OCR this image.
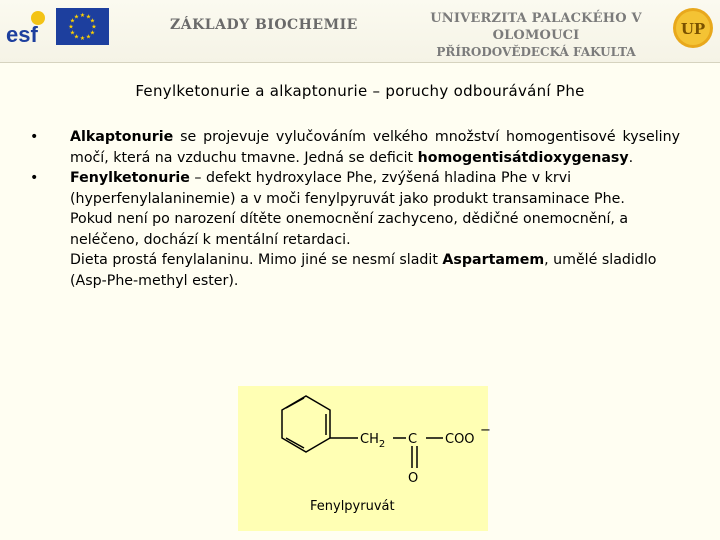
esf
★ ★
★
★
★
★
★
★
★
★
★
★	ZÁKLADY BIOCHEMIE	UNIVERZITA PALACKÉHO V OLOMOUCI
PŘÍRODOVĚDECKÁ FAKULTA
UP
Fenylketonurie a alkaptonurie – poruchy odbourávání Phe
• Alkaptonurie se projevuje vylučováním velkého množství homogentisové kyseliny močí, která na vzduchu tmavne. Jedná se deficit homogentisátdioxygenasy.
• Fenylketonurie – defekt hydroxylace Phe, zvýšená hladina Phe v krvi (hyperfenylalaninemie) a v moči fenylpyruvát jako produkt transaminace Phe.
Pokud není po narození dítěte onemocnění zachyceno, dědičné onemocnění, a neléčeno, dochází k mentální retardaci.
Dieta prostá fenylalaninu. Mimo jiné se nesmí sladit Aspartamem, umělé sladidlo (Asp-Phe-methyl ester).
$CH_2$ C COO
−
O
Fenylpyruvát
